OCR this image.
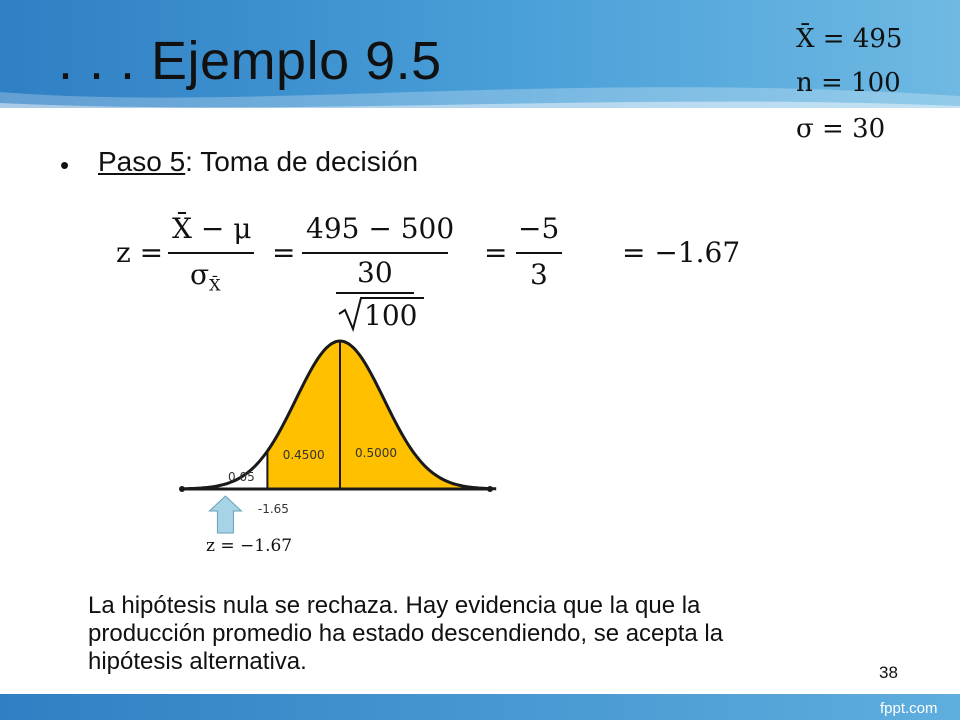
. . . Ejemplo 9.5	X̄ = 495
n = 100
σ = 30
• Paso 5: Toma de decisión
z =
X̄ − μ
$\sigma_{X̄}$
=
495 − 500
30
100
=
−5
3
= −1.67
0.05
0.4500	0.5000
-1.65
z = −1.67
La hipótesis nula se rechaza. Hay evidencia que la que la producción promedio ha estado descendiendo, se acepta la hipótesis alternativa.	38
fppt.com
